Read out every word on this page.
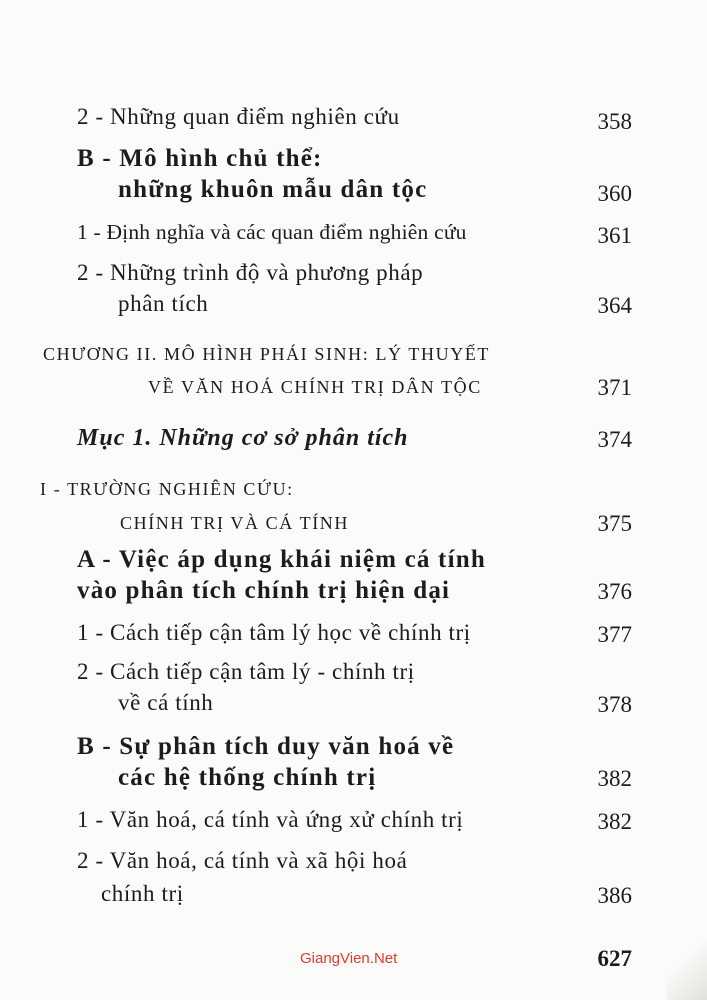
2 - Những quan điểm nghiên cứu	358
B - Mô hình chủ thể:
những khuôn mẫu dân tộc	360
1 - Định nghĩa và các quan điểm nghiên cứu	361
2 - Những trình độ và phương pháp
phân tích	364
CHƯƠNG II. MÔ HÌNH PHÁI SINH: LÝ THUYẾT
VỀ VĂN HOÁ CHÍNH TRỊ DÂN TỘC	371
Mục 1. Những cơ sở phân tích	374
I - TRƯỜNG NGHIÊN CỨU:
CHÍNH TRỊ VÀ CÁ TÍNH	375
A - Việc áp dụng khái niệm cá tính
vào phân tích chính trị hiện dại	376
1 - Cách tiếp cận tâm lý học về chính trị	377
2 - Cách tiếp cận tâm lý - chính trị
về cá tính	378
B - Sự phân tích duy văn hoá về
các hệ thống chính trị	382
1 - Văn hoá, cá tính và ứng xử chính trị	382
2 - Văn hoá, cá tính và xã hội hoá
chính trị	386
GiangVien.Net	627
